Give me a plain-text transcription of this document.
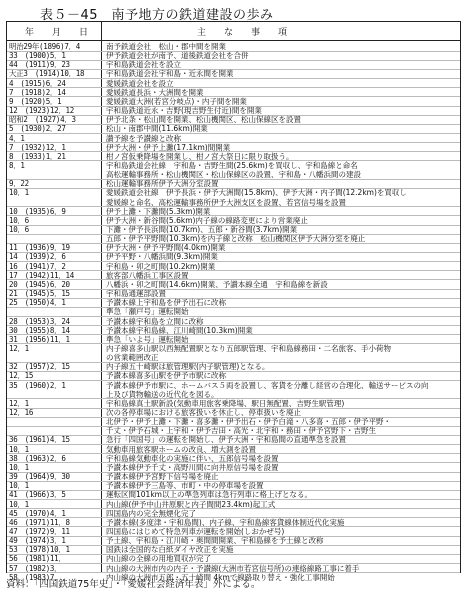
表５－45　南予地方の鉄道建設の歩み
年　　月　　日	主　　な　　事　　項
明治29年(1896)7．4	南予鉄道会社　松山・郡中間を開業
33　(1900)5．1	伊予鉄道会社が南予、道後鉄道会社を合併
44　(1911)9．23	宇和島鉄道会社を設立
大正3　(1914)10．18	宇和島鉄道会社宇和島・近永間を開業
4　(1915)6．24	愛媛鉄道会社を設立
7　(1918)2．14	愛媛鉄道長浜・大洲間を開業
9　(1920)5．1	愛媛鉄道大洲(若宮分岐点)・内子間を開業
12　(1923)12．12	宇和島鉄道近永・吉野(現吉野生付近)間を開業
昭和2　(1927)4．3	伊予北条・松山間を開業、松山機関区、松山保線区を設置
5　(1930)2．27	松山・南郡中間(11.6km)開業
4．1	讃予線を予讃線と改称
7　(1932)12．1	伊予大洲・伊予上灘(17.1km)間開業
8　(1933)1．21	柑ノ宮仮乗降場を開業し、柑ノ宮大祭日に限り取扱う。
8．1	宇和島鉄道会社線　宇和島・吉野生間(25.6km)を買収し、宇和島線と命名
高松運輸事務所・松山機関区・松山保線区の設置、宇和島・八幡浜間の建設
9．22	松山運輸事務所伊予大洲分室設置
10．1	愛媛鉄道会社線　伊予長浜・伊予大洲間(15.8km)、伊予大洲・内子間(12.2km)を買収し
愛媛線と命名、高松運輸事務所伊予大洲支区を設置、若宮信号場を設置
10　(1935)6．9	伊予上灘・下灘間(5.3km)開業
10．6	伊予大洲・新谷間(5.6km)内子線の線路変更により営業廃止
10．6	下灘・伊予長浜間(10.7km)、五郎・新谷間(3.7km)開業
五郎・伊予平野間(10.3km)を内子線と改称　松山機関区伊予大洲分室を廃止
11　(1936)9．19	伊予大洲・伊予平野間(4.0km)開業
14　(1939)2．6	伊予平野・八幡浜間(9.3km)開業
16　(1941)7．2	宇和島・卯之町間(10.2km)開業
17　(1942)11．14	旅客部八幡浜工事区設置
20　(1945)6．20	八幡浜・卯之町間(14.6km)開業、予讃本線全通　宇和島線を新設
21　(1945)5．15	宇和島通運部設置
25　(1950)4．1	予讃本線上宇和島を伊予出石に改称
準急「瀬戸号」運転開始
28　(1953)3．24	予讃本線宇和島を立間に改称
30　(1955)8．14	予讃本線宇和島線、江川崎間(10.3km)開業
31　(1956)11．1	準急「いよ号」運転開始
12．1	内子線喜多山駅以西無配置駅となり五郎駅管理、宇和島線務田・二名旅客、手小荷物
の営業範囲改正
32　(1957)2．15	内子線五十崎駅は旅管理駅(内子駅管理)となる。
12．15	予讃本線喜多山駅を伊予市駅に改称
35　(1960)2．1	予讃本線伊予市駅に、ホームバス５両を設置し、客貨を分離し経営の合理化、輸送サービスの向
上及び貨物輸送の近代化を図る。
12．1	宇和島線真土駅新設(気動車用旅客乗降場、駅日無配置、吉野生駅管理)
12．16	次の各停車場における旅客扱いを休止し、停車扱いを廃止
北伊予・伊予上灘・下灘・喜多灘・伊予出石・伊予白滝・八多喜・五郎・伊予平野・
千丈・伊予石城・上宇和・伊予吉田・高光・北宇和・務田・伊予宮野下・吉野生
36　(1961)4．15	急行「四国号」の運転を開始し、伊予大洲・宇和島間の直通準急を設置
10．1	気動車用旅客駅ホームの改良、増大測を設置
38　(1963)2．6	宇和島線気動車化の実施に伴い、五郎信号場を設置
10．1	予讃本線伊予千丈・高野川間に向井原信号場を設置
39　(1964)9．30	予讃本線伊予宮野下信号場を廃止
10．1	予讃本線伊予三島等、市町・中の停車場を設置
41　(1966)3．5	運転区間101km以上の準急列車は急行列車に格上げとなる。
10．1	内山線(伊予中山井原駅と内子間間23.4km)起工式
45　(1970)4．1	四国島内の完全無煙化完了
46　(1971)11．8	予讃本線(多度津・宇和島間)、内子線、宇和島線客貨線体制近代化実施
47　(1972)9．11	四国島にはじめて特急列車が運転を開始(しおかぜ号)
49　(1974)3．1	予土線、宇和島・江川崎・奥間間開業、宇和島線を予土線と改称
53　(1978)10．1	国鉄は全国的な白紙ダイヤ改正を実施
56　(1981)11．	内山線の全線の用地買収が完了
57　(1982)3．	内山線の大洲市内の内子・予讃線(大洲市若宮信号所)の連絡線路工事に着手
58　(1983)7．	内山線の大洲市五郎・五十崎間 4kmで線路取り替え・強化工事開始
資料：「四国鉄道75年史」・「愛媛社会経済年表」外による。
